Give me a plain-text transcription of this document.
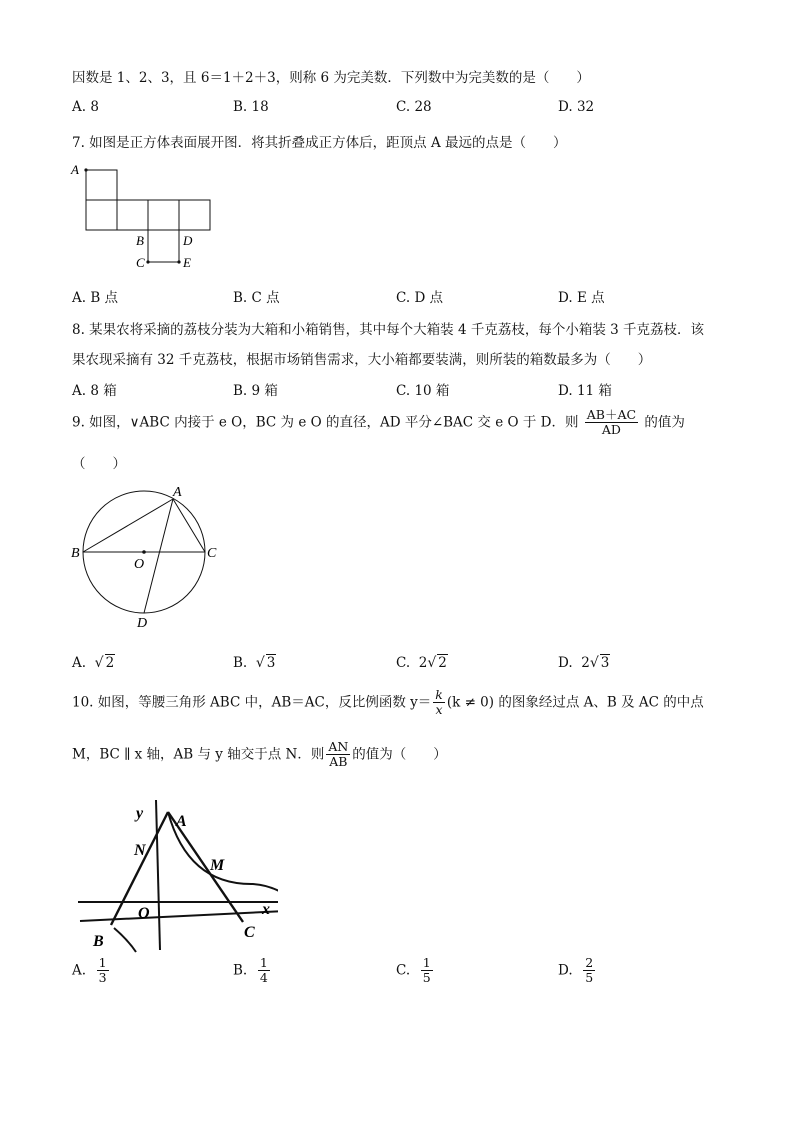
因数是 1、2、3，且 6＝1＋2＋3，则称 6 为完美数．下列数中为完美数的是（　　）
A. 8	B. 18	C. 28	D. 32
7. 如图是正方体表面展开图．将其折叠成正方体后，距顶点 A 最远的点是（　　）
A
B	D
C	E
A. B 点	B. C 点	C. D 点	D. E 点
8. 某果农将采摘的荔枝分装为大箱和小箱销售，其中每个大箱装 4 千克荔枝，每个小箱装 3 千克荔枝．该
果农现采摘有 32 千克荔枝，根据市场销售需求，大小箱都要装满，则所装的箱数最多为（　　）
A. 8 箱	B. 9 箱	C. 10 箱	D. 11 箱
9. 如图，∨ABC 内接于 e O，BC 为 e O 的直径，AD 平分∠BAC 交 e O 于 D．则 $\frac{AB+AC}{AD}$ 的值为
（　　）
A
B	C
O
D
A. √ 2	B. √ 3	C. 2√ 2	D. 2√ 3
10. 如图，等腰三角形 ABC 中，AB＝AC，反比例函数 $y= \frac{k}{x} (k \ne 0)$ 的图象经过点 A、B 及 AC 的中点
M，BC ∥ x 轴，AB 与 y 轴交于点 N．则 $\frac{AN}{AB}$ 的值为（　　）
y
x
A
N
M
O
B
C
A. $\frac{1}{3}$	B. $\frac{1}{4}$	C. $\frac{1}{5}$	D. $\frac{2}{5}$
